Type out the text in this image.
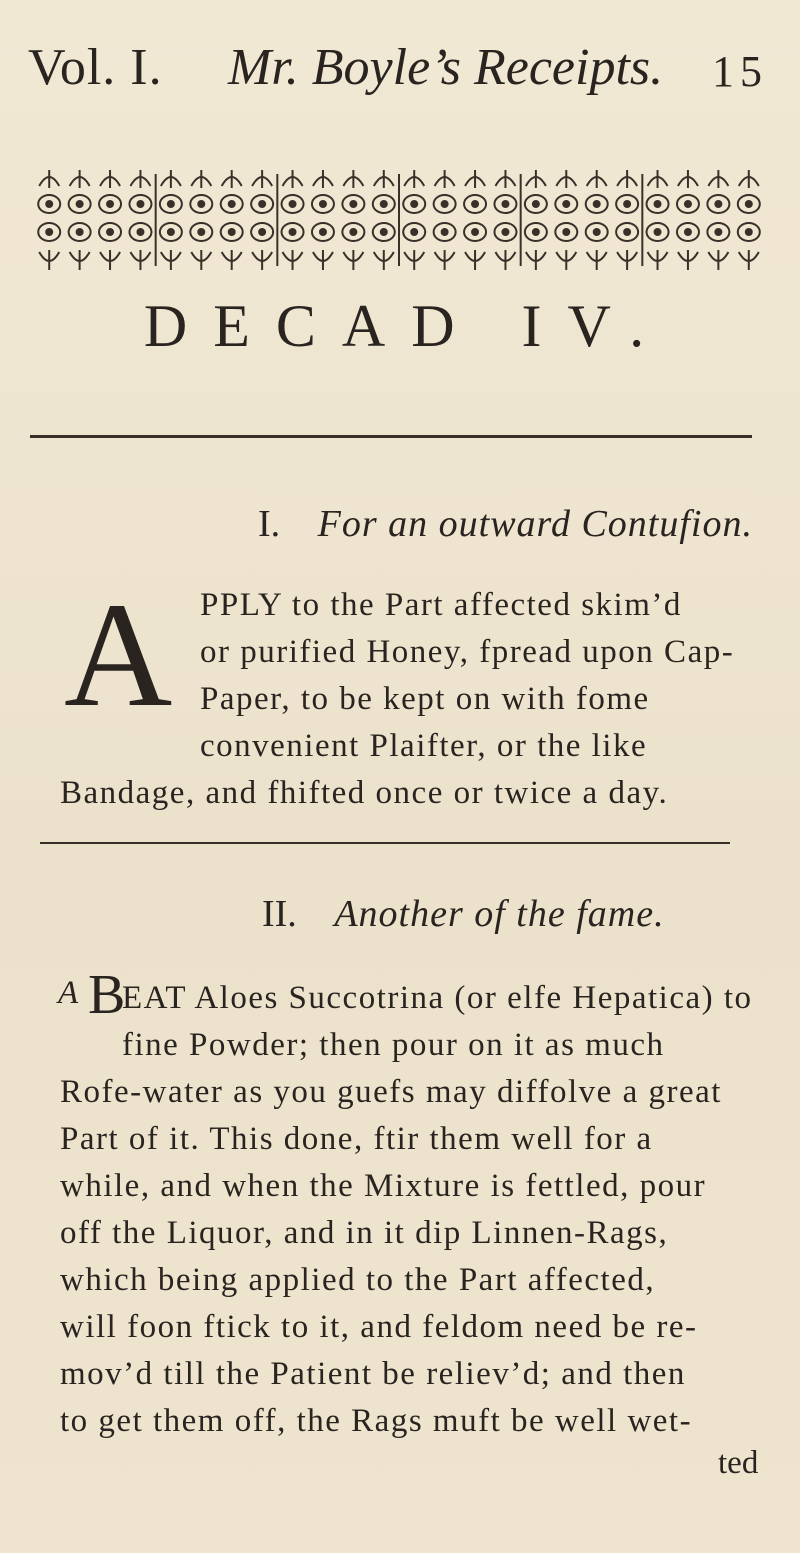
Vol. I. Mr. Boyle’s Receipts. 15
DECAD IV.
I. For an outward Contufion.
A PPLY to the Part affected skim’d
or purified Honey, fpread upon Cap-
Paper, to be kept on with fome
convenient Plaifter, or the like
Bandage, and fhifted once or twice a day.
II. Another of the fame.
A B
EAT Aloes Succotrina (or elfe Hepatica) to
fine Powder; then pour on it as much
Rofe-water as you guefs may diffolve a great
Part of it. This done, ftir them well for a
while, and when the Mixture is fettled, pour
off the Liquor, and in it dip Linnen-Rags,
which being applied to the Part affected,
will foon ftick to it, and feldom need be re-
mov’d till the Patient be reliev’d; and then
to get them off, the Rags muft be well wet-
ted
